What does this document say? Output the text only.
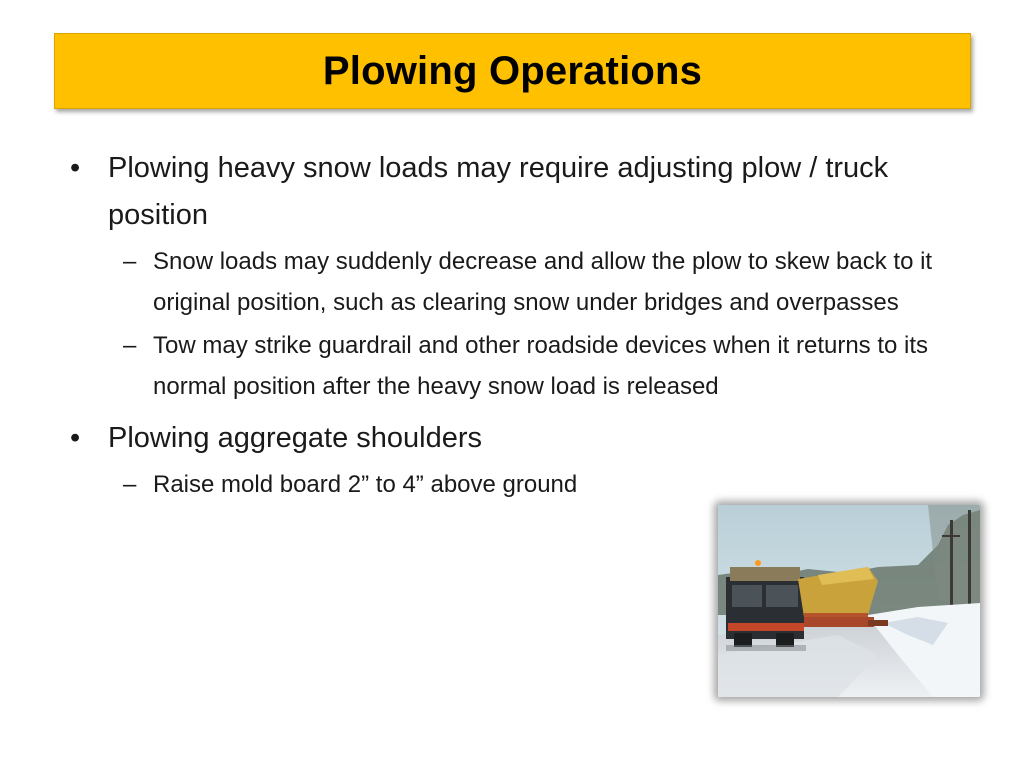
Plowing Operations
• Plowing heavy snow loads may require adjusting plow / truck position
– Snow loads may suddenly decrease and allow the plow to skew back to it original position, such as clearing snow under bridges and overpasses
– Tow may strike guardrail and other roadside devices when it returns to its normal position after the heavy snow load is released
• Plowing aggregate shoulders
– Raise mold board 2” to 4” above ground
